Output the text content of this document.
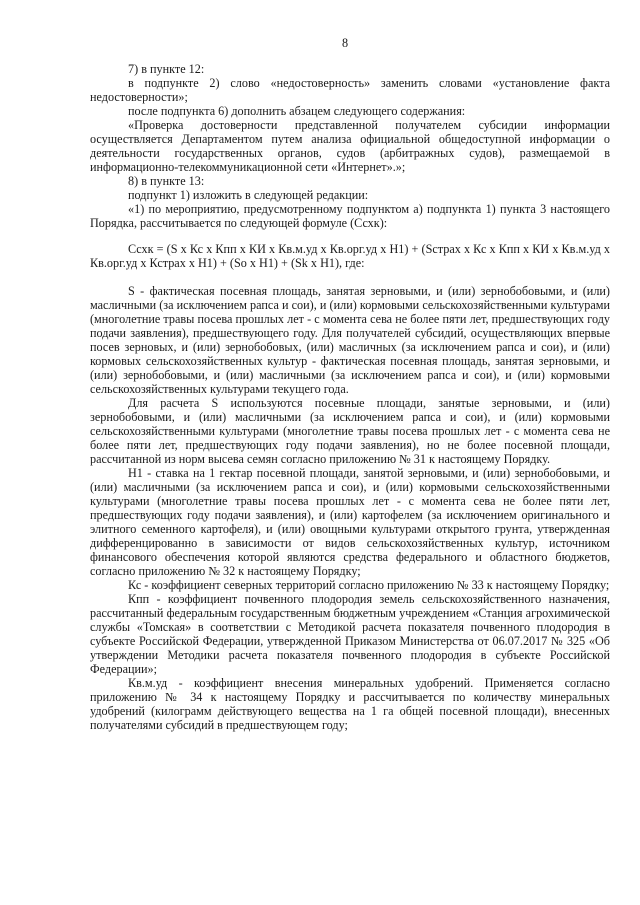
8

7) в пункте 12:

в подпункте 2) слово «недостоверность» заменить словами «установление факта недостоверности»;

после подпункта 6) дополнить абзацем следующего содержания:

«Проверка достоверности представленной получателем субсидии информации осуществляется Департаментом путем анализа официальной общедоступной информации о деятельности государственных органов, судов (арбитражных судов), размещаемой в информационно-телекоммуникационной сети «Интернет».»;

8) в пункте 13:

подпункт 1) изложить в следующей редакции:

«1) по мероприятию, предусмотренному подпунктом а) подпункта 1) пункта 3 настоящего Порядка, рассчитывается по следующей формуле (Ссхк):

Ссхк = (S x Кс x Кпп x КИ x Кв.м.уд x Кв.орг.уд x Н1) + (Sстрах x Кс x Кпп x КИ x Кв.м.уд x Кв.орг.уд x Кстрах x Н1) + (So x H1) + (Sk x H1), где:

S - фактическая посевная площадь, занятая зерновыми, и (или) зернобобовыми, и (или) масличными (за исключением рапса и сои), и (или) кормовыми сельскохозяйственными культурами (многолетние травы посева прошлых лет - с момента сева не более пяти лет, предшествующих году подачи заявления), предшествующего году. Для получателей субсидий, осуществляющих впервые посев зерновых, и (или) зернобобовых, (или) масличных (за исключением рапса и сои), и (или) кормовых сельскохозяйственных культур - фактическая посевная площадь, занятая зерновыми, и (или) зернобобовыми, и (или) масличными (за исключением рапса и сои), и (или) кормовыми сельскохозяйственных культурами текущего года.

Для расчета S используются посевные площади, занятые зерновыми, и (или) зернобобовыми, и (или) масличными (за исключением рапса и сои), и (или) кормовыми сельскохозяйственными культурами (многолетние травы посева прошлых лет - с момента сева не более пяти лет, предшествующих году подачи заявления), но не более посевной площади, рассчитанной из норм высева семян согласно приложению № 31 к настоящему Порядку.

Н1 - ставка на 1 гектар посевной площади, занятой зерновыми, и (или) зернобобовыми, и (или) масличными (за исключением рапса и сои), и (или) кормовыми сельскохозяйственными культурами (многолетние травы посева прошлых лет - с момента сева не более пяти лет, предшествующих году подачи заявления), и (или) картофелем (за исключением оригинального и элитного семенного картофеля), и (или) овощными культурами открытого грунта, утвержденная дифференцированно в зависимости от видов сельскохозяйственных культур, источником финансового обеспечения которой являются средства федерального и областного бюджетов, согласно приложению № 32 к настоящему Порядку;

Кс - коэффициент северных территорий согласно приложению № 33 к настоящему Порядку;

Кпп - коэффициент почвенного плодородия земель сельскохозяйственного назначения, рассчитанный федеральным государственным бюджетным учреждением «Станция агрохимической службы «Томская» в соответствии с Методикой расчета показателя почвенного плодородия в субъекте Российской Федерации, утвержденной Приказом Министерства от 06.07.2017 № 325 «Об утверждении Методики расчета показателя почвенного плодородия в субъекте Российской Федерации»;

Кв.м.уд - коэффициент внесения минеральных удобрений. Применяется согласно приложению № 34 к настоящему Порядку и рассчитывается по количеству минеральных удобрений (килограмм действующего вещества на 1 га общей посевной площади), внесенных получателями субсидий в предшествующем году;
